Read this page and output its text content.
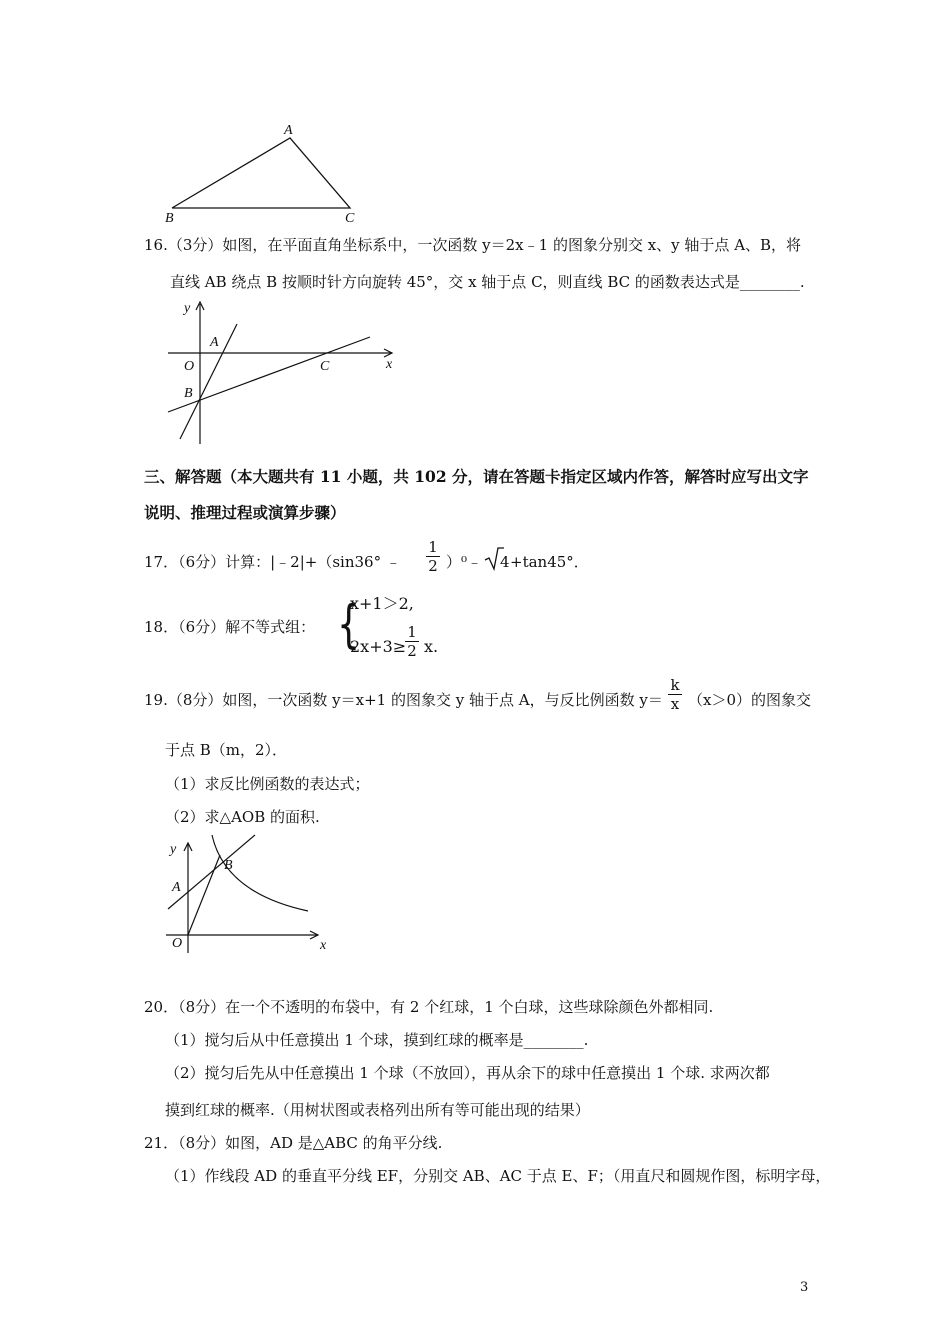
A
B	C
16.（3分）如图，在平面直角坐标系中，一次函数 y＝2x﹣1 的图象分别交 x、y 轴于点 A、B，将
直线 AB 绕点 B 按顺时针方向旋转 45°，交 x 轴于点 C，则直线 BC 的函数表达式是________.
y
x
O
A
B
C
三、解答题（本大题共有 11 小题，共 102 分，请在答题卡指定区域内作答，解答时应写出文字
说明、推理过程或演算步骤）
17．（6分）计算：|﹣2|+（sin36° ﹣ $\frac{1}{2}$ ）⁰﹣ 4 +tan45°．
18．（6分）解不等式组： {
x+1＞2,
2x+3≥
$\frac{1}{2} x$.
19.（8分）如图，一次函数 y＝x+1 的图象交 y 轴于点 A，与反比例函数 $y= \frac{k}{x} (x>0)$的图象交
于点 B（m，2）．
（1）求反比例函数的表达式；
（2）求△AOB 的面积.
y
x
O
A
B
20．（8分）在一个不透明的布袋中，有 2 个红球，1 个白球，这些球除颜色外都相同.
（1）搅匀后从中任意摸出 1 个球，摸到红球的概率是________.
（2）搅匀后先从中任意摸出 1 个球（不放回），再从余下的球中任意摸出 1 个球. 求两次都
摸到红球的概率.（用树状图或表格列出所有等可能出现的结果）
21．（8分）如图，AD 是△ABC 的角平分线.
（1）作线段 AD 的垂直平分线 EF，分别交 AB、AC 于点 E、F；（用直尺和圆规作图，标明字母，
3
